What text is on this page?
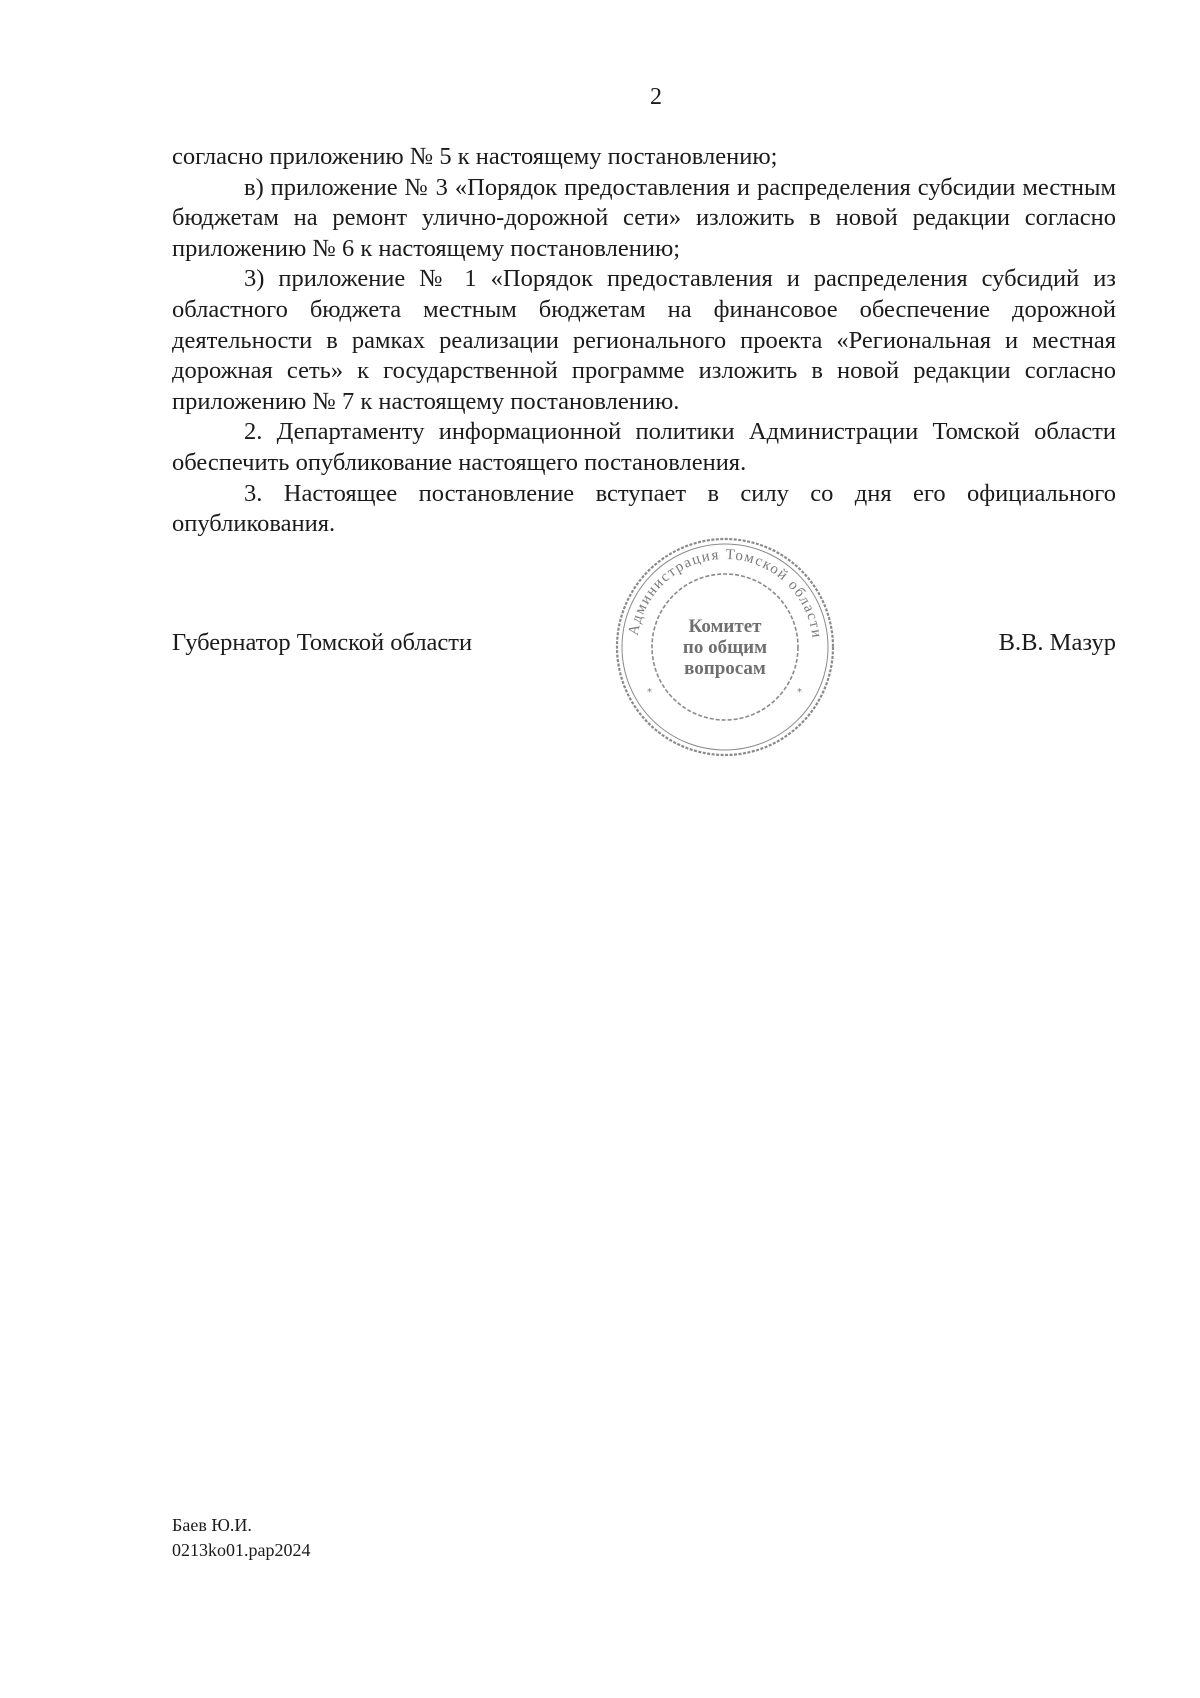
2

согласно приложению № 5 к настоящему постановлению;

в) приложение № 3 «Порядок предоставления и распределения субсидии местным бюджетам на ремонт улично-дорожной сети» изложить в новой редакции согласно приложению № 6 к настоящему постановлению;

3) приложение № 1 «Порядок предоставления и распределения субсидий из областного бюджета местным бюджетам на финансовое обеспечение дорожной деятельности в рамках реализации регионального проекта «Региональная и местная дорожная сеть» к государственной программе изложить в новой редакции согласно приложению № 7 к настоящему постановлению.

2. Департаменту информационной политики Администрации Томской области обеспечить опубликование настоящего постановления.

3. Настоящее постановление вступает в силу со дня его официального опубликования.

Губернатор Томской области	В.В. Мазур
Администрация Томской области
Комитет
по общим
вопросам
*	*
Баев Ю.И.
0213ko01.pap2024
